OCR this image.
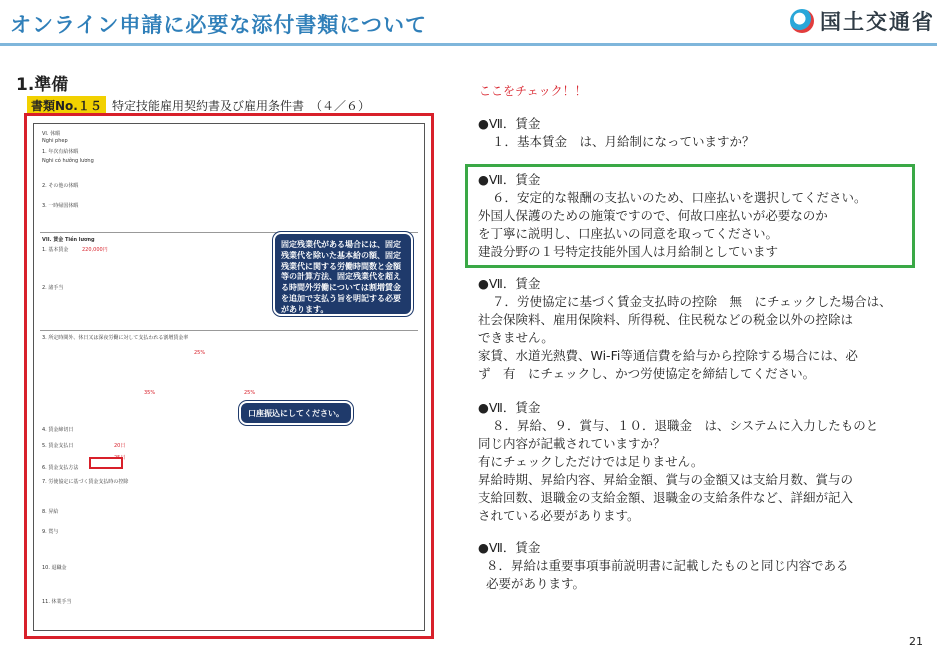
オンライン申請に必要な添付書類について	国土交通省
1.準備
書類No.１５ 特定技能雇用契約書及び雇用条件書　（４／６）
VI. 休暇
Nghi phep
1. 年次有給休暇
Nghi có hưởng lương
2. その他の休暇
3. 一時帰国休暇
VII. 賃金 Tiền lương
1. 基本賃金	220,000円
2. 諸手当
3. 所定時間外、休日又は深夜労働に対して支払われる割増賃金率
25%
35%	25%
4. 賃金締切日
20日
5. 賃金支払日
25日
6. 賃金支払方法
7. 労使協定に基づく賃金支払時の控除
8. 昇給
9. 賞与
10. 退職金
11. 休業手当
固定残業代がある場合には、固定残業代を除いた基本給の額、固定残業代に関する労働時間数と金額等の計算方法、固定残業代を超える時間外労働については割増賃金を追加で支払う旨を明記する必要があります。
口座振込にしてください。
ここをチェック！！
●Ⅶ．賃金
１．基本賃金　は、月給制になっていますか？
●Ⅶ．賃金
６．安定的な報酬の支払いのため、口座払いを選択してください。
外国人保護のための施策ですので、何故口座払いが必要なのか
を丁寧に説明し、口座払いの同意を取ってください。
建設分野の１号特定技能外国人は月給制としています
●Ⅶ．賃金
７．労使協定に基づく賃金支払時の控除　無　にチェックした場合は、
社会保険料、雇用保険料、所得税、住民税などの税金以外の控除は
できません。
家賃、水道光熱費、Wi-Fi等通信費を給与から控除する場合には、必
ず　有　にチェックし、かつ労使協定を締結してください。
●Ⅶ．賃金
８．昇給、９．賞与、１０．退職金　は、システムに入力したものと
同じ内容が記載されていますか？
有にチェックしただけでは足りません。
昇給時期、昇給内容、昇給金額、賞与の金額又は支給月数、賞与の
支給回数、退職金の支給金額、退職金の支給条件など、詳細が記入
されている必要があります。
●Ⅶ．賃金
８．昇給は重要事項事前説明書に記載したものと同じ内容である
必要があります。
21
